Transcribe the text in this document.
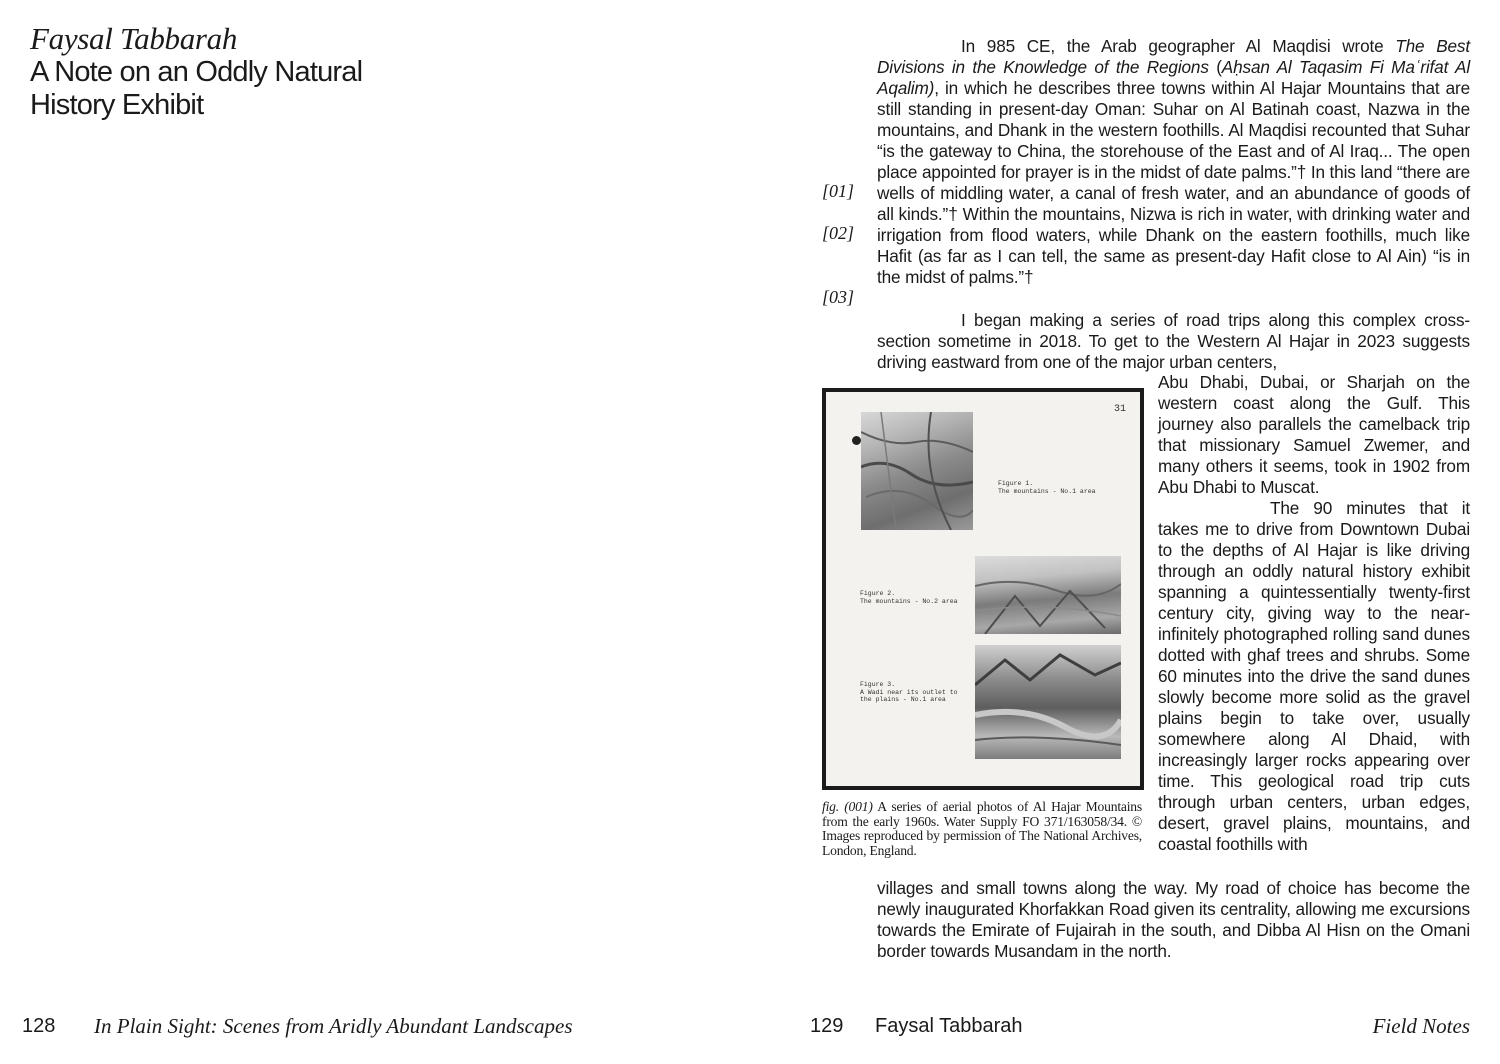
Faysal Tabbarah
A Note on an Oddly Natural
History Exhibit
128 In Plain Sight: Scenes from Aridly Abundant Landscapes
[01]
[02]
[03]

In 985 CE, the Arab geographer Al Maqdisi wrote The Best Divisions in the Knowledge of the Regions (Aḥsan Al Taqasim Fi Maʿrifat Al Aqalim), in which he describes three towns within Al Hajar Mountains that are still standing in present-day Oman: Suhar on Al Batinah coast, Nazwa in the mountains, and Dhank in the western foothills. Al Maqdisi recounted that Suhar “is the gateway to China, the storehouse of the East and of Al Iraq... The open place appointed for prayer is in the midst of date palms.”† In this land “there are wells of middling water, a canal of fresh water, and an abundance of goods of all kinds.”† Within the mountains, Nizwa is rich in water, with drinking water and irrigation from flood waters, while Dhank on the eastern foothills, much like Hafit (as far as I can tell, the same as present-day Hafit close to Al Ain) “is in the midst of palms.”†

I began making a series of road trips along this complex cross-section sometime in 2018. To get to the Western Al Hajar in 2023 suggests driving eastward from one of the major urban centers,

Abu Dhabi, Dubai, or Sharjah on the western coast along the Gulf. This journey also parallels the camelback trip that missionary Samuel Zwemer, and many others it seems, took in 1902 from Abu Dhabi to Muscat.

The 90 minutes that it takes me to drive from Downtown Dubai to the depths of Al Hajar is like driving through an oddly natural history exhibit spanning a quintessentially twenty-first century city, giving way to the near-infinitely photographed rolling sand dunes dotted with ghaf trees and shrubs. Some 60 minutes into the drive the sand dunes slowly become more solid as the gravel plains begin to take over, usually somewhere along Al Dhaid, with increasingly larger rocks appearing over time. This geological road trip cuts through urban centers, urban edges, desert, gravel plains, mountains, and coastal foothills with

villages and small towns along the way. My road of choice has become the newly inaugurated Khorfakkan Road given its centrality, allowing me excursions towards the Emirate of Fujairah in the south, and Dibba Al Hisn on the Omani border towards Musandam in the north.

31
Figure 1.
The mountains - No.1 area
Figure 2.
The mountains - No.2 area
Figure 3.
A Wadi near its outlet to
the plains - No.1 area

fig. (001) A series of aerial photos of Al Hajar Mountains from the early 1960s. Water Supply FO 371/163058/34. © Images reproduced by permission of The National Archives, London, England.

129 Faysal Tabbarah	Field Notes
